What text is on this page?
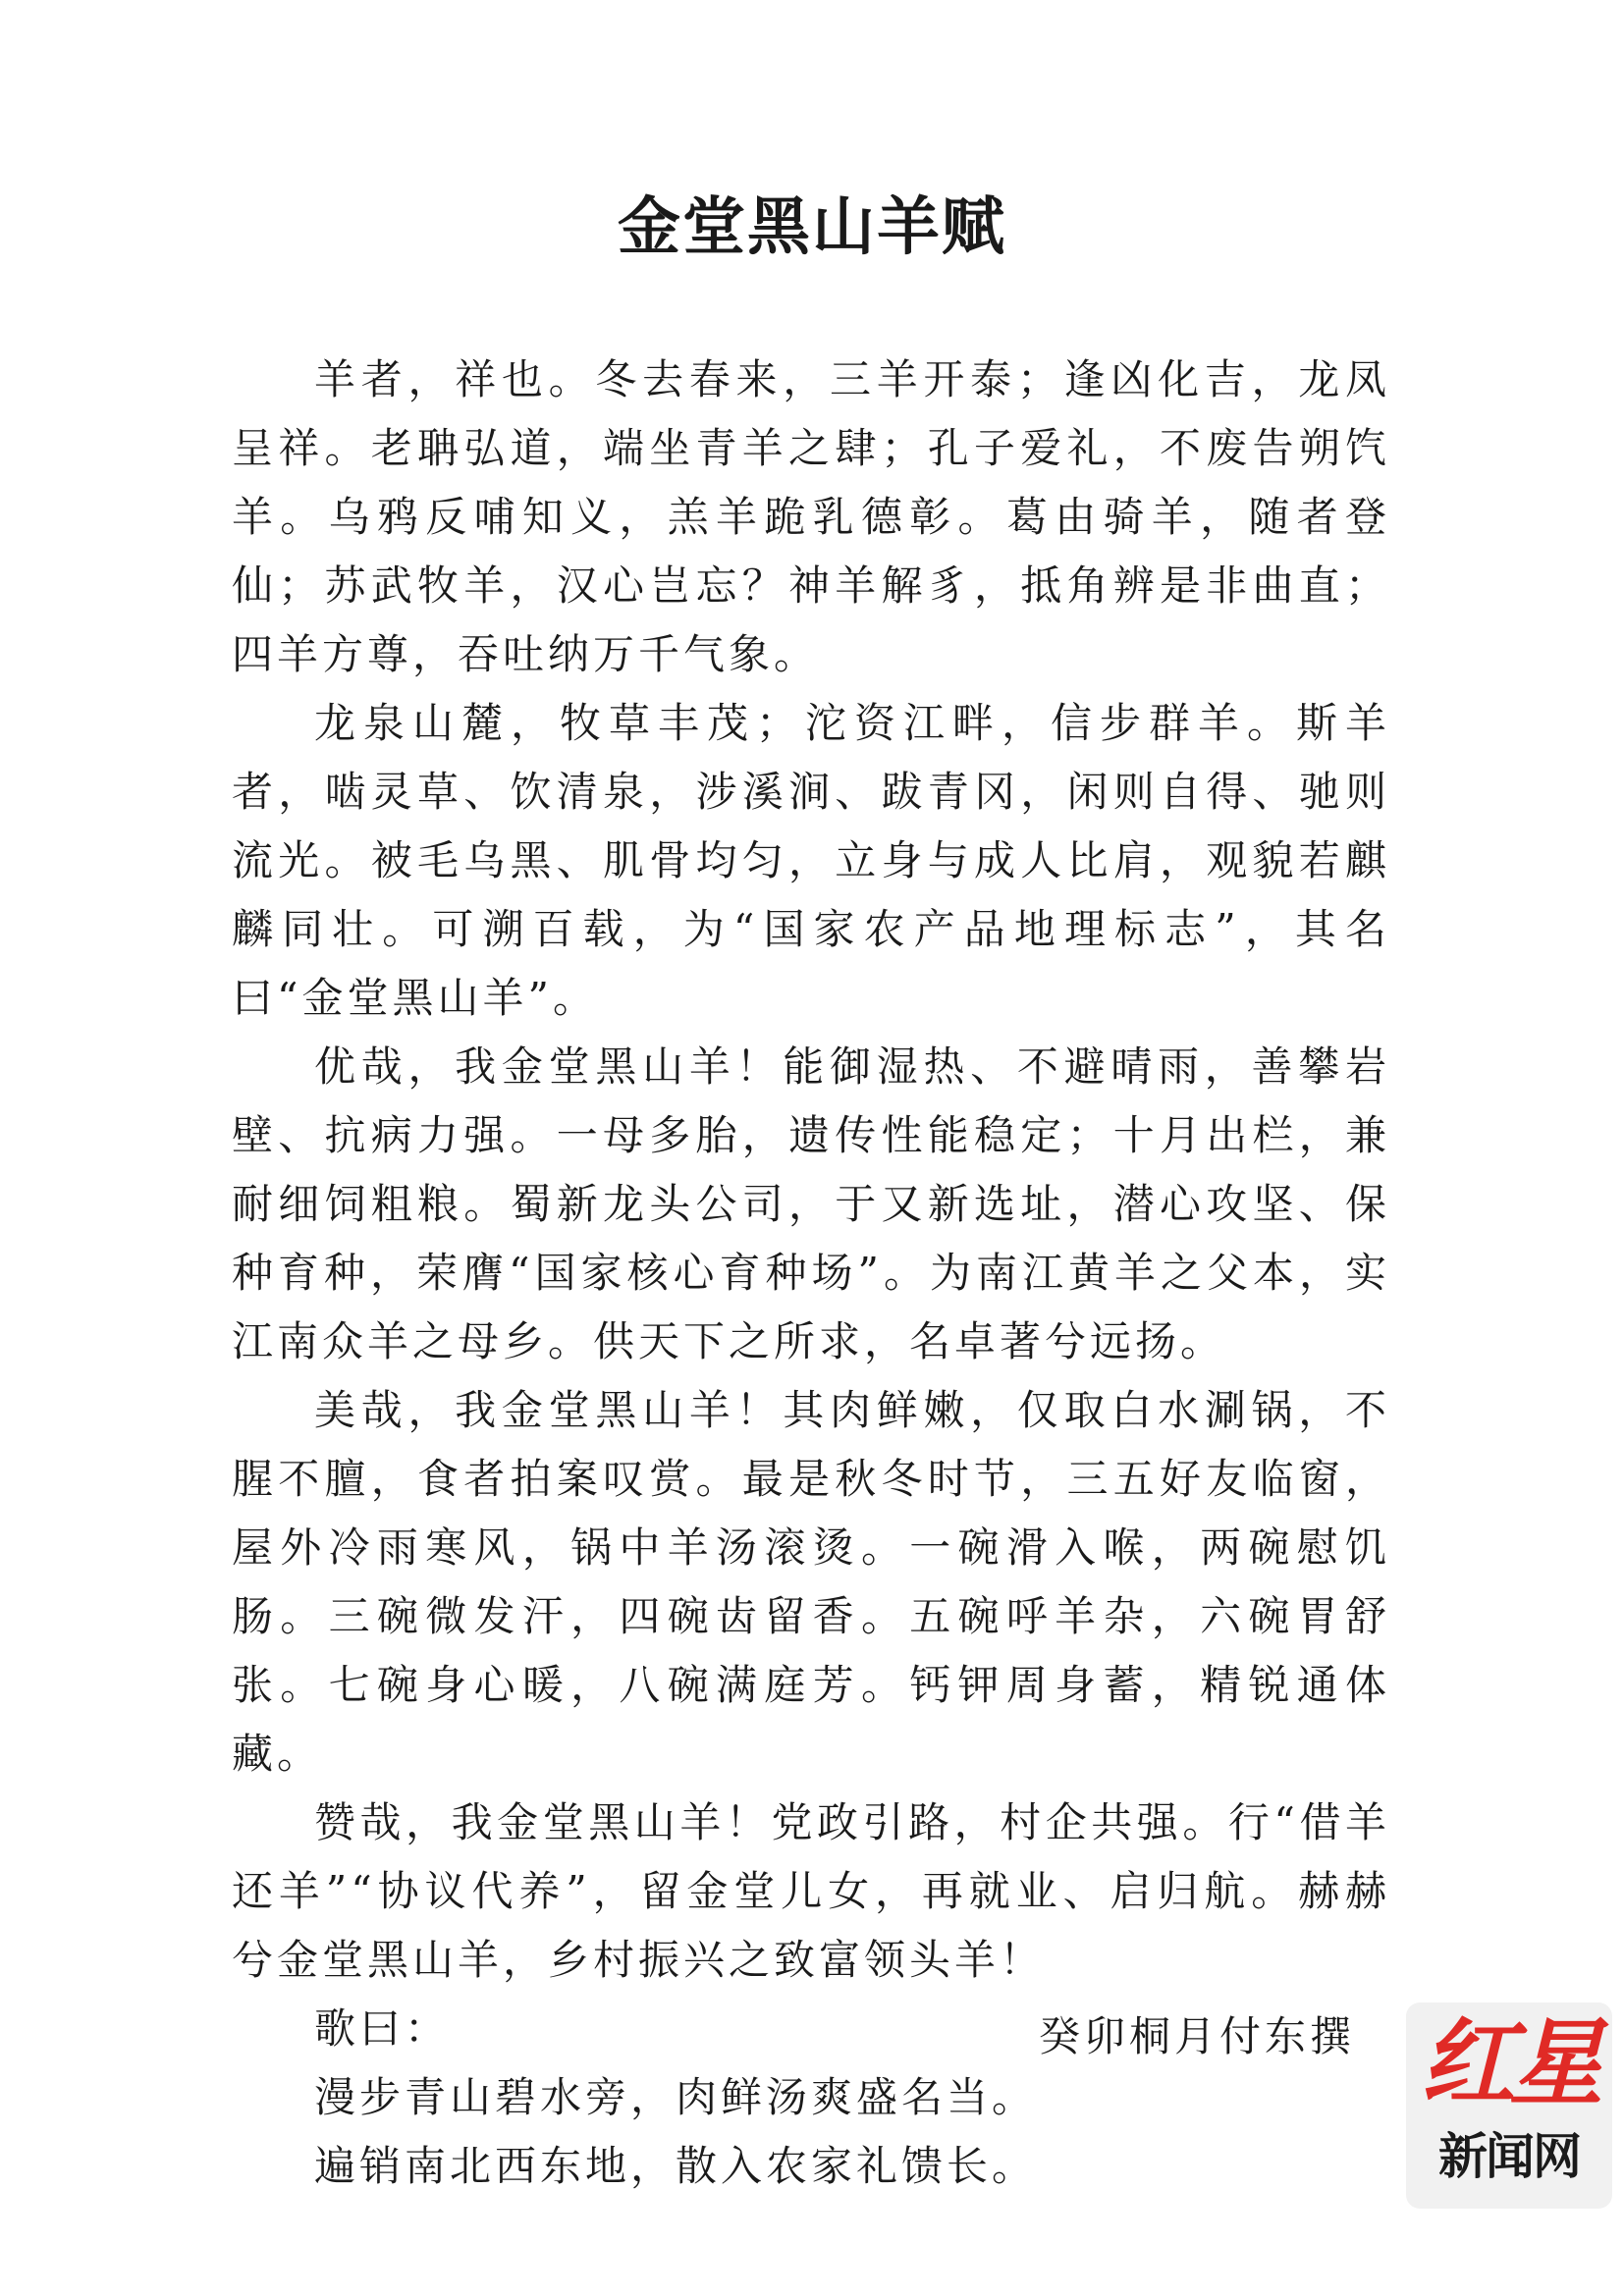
金堂黑山羊赋

羊者，祥也。冬去春来，三羊开泰；逢凶化吉，龙凤呈祥。老聃弘道，端坐青羊之肆；孔子爱礼，不废告朔饩羊。乌鸦反哺知义，羔羊跪乳德彰。葛由骑羊，随者登仙；苏武牧羊，汉心岂忘？神羊解豸，抵角辨是非曲直；四羊方尊，吞吐纳万千气象。

龙泉山麓，牧草丰茂；沱资江畔，信步群羊。斯羊者，啮灵草、饮清泉，涉溪涧、跋青冈，闲则自得、驰则流光。被毛乌黑、肌骨均匀，立身与成人比肩，观貌若麒麟同壮。可溯百载，为“国家农产品地理标志”，其名曰“金堂黑山羊”。

优哉，我金堂黑山羊！能御湿热、不避晴雨，善攀岩壁、抗病力强。一母多胎，遗传性能稳定；十月出栏，兼耐细饲粗粮。蜀新龙头公司，于又新选址，潜心攻坚、保种育种，荣膺“国家核心育种场”。为南江黄羊之父本，实江南众羊之母乡。供天下之所求，名卓著兮远扬。

美哉，我金堂黑山羊！其肉鲜嫩，仅取白水涮锅，不腥不膻，食者拍案叹赏。最是秋冬时节，三五好友临窗，屋外冷雨寒风，锅中羊汤滚烫。一碗滑入喉，两碗慰饥肠。三碗微发汗，四碗齿留香。五碗呼羊杂，六碗胃舒张。七碗身心暖，八碗满庭芳。钙钾周身蓄，精锐通体藏。

赞哉，我金堂黑山羊！党政引路，村企共强。行“借羊还羊”“协议代养”，留金堂儿女，再就业、启归航。赫赫兮金堂黑山羊，乡村振兴之致富领头羊！

歌曰：

漫步青山碧水旁，肉鲜汤爽盛名当。

遍销南北西东地，散入农家礼馈长。

癸卯桐月付东撰 红星
新闻网
